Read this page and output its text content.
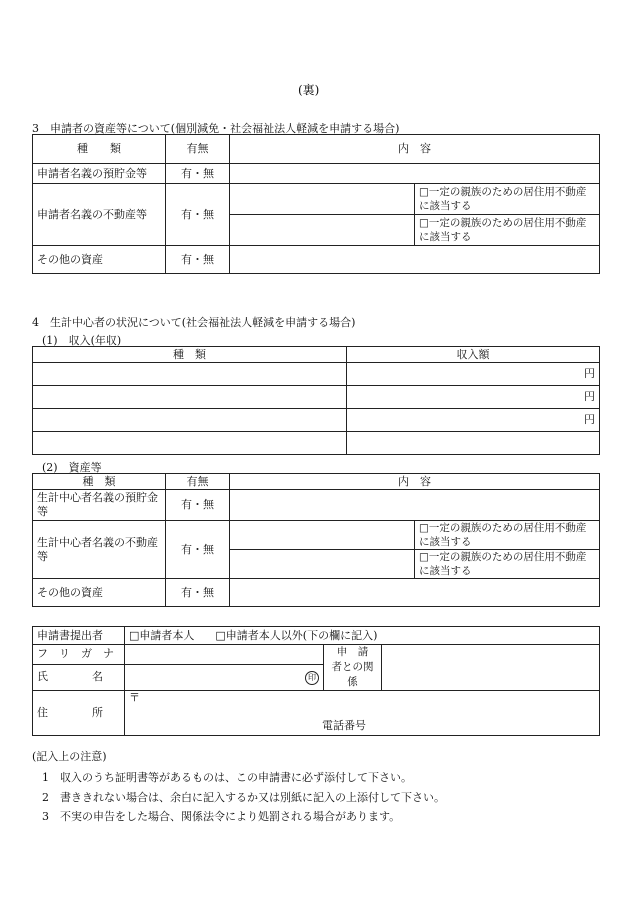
(裏)
3　申請者の資産等について(個別減免・社会福祉法人軽減を申請する場合)
種　　類	有無	内　容	
申請者名義の預貯金等	有・無		
申請者名義の不動産等	有・無		□一定の親族のための居住用不動産に該当する
			□一定の親族のための居住用不動産に該当する
その他の資産	有・無		
4　生計中心者の状況について(社会福祉法人軽減を申請する場合)
(1)　収入(年収)
種　類	収入額
	円
	円
	円

(2)　資産等
種　類	有無	内　容	
生計中心者名義の預貯金等	有・無		
生計中心者名義の不動産等	有・無		□一定の親族のための居住用不動産に該当する
			□一定の親族のための居住用不動産に該当する
その他の資産	有・無		
申請書提出者	□申請者本人 □申請者本人以外(下の欄に記入)		
フ　リ　ガ　ナ		申　請　者との関係	
氏　　　　名	印		
住　　　　所	〒
電話番号		
(記入上の注意)
1　収入のうち証明書等があるものは、この申請書に必ず添付して下さい。
2　書ききれない場合は、余白に記入するか又は別紙に記入の上添付して下さい。
3　不実の申告をした場合、関係法令により処罰される場合があります。
